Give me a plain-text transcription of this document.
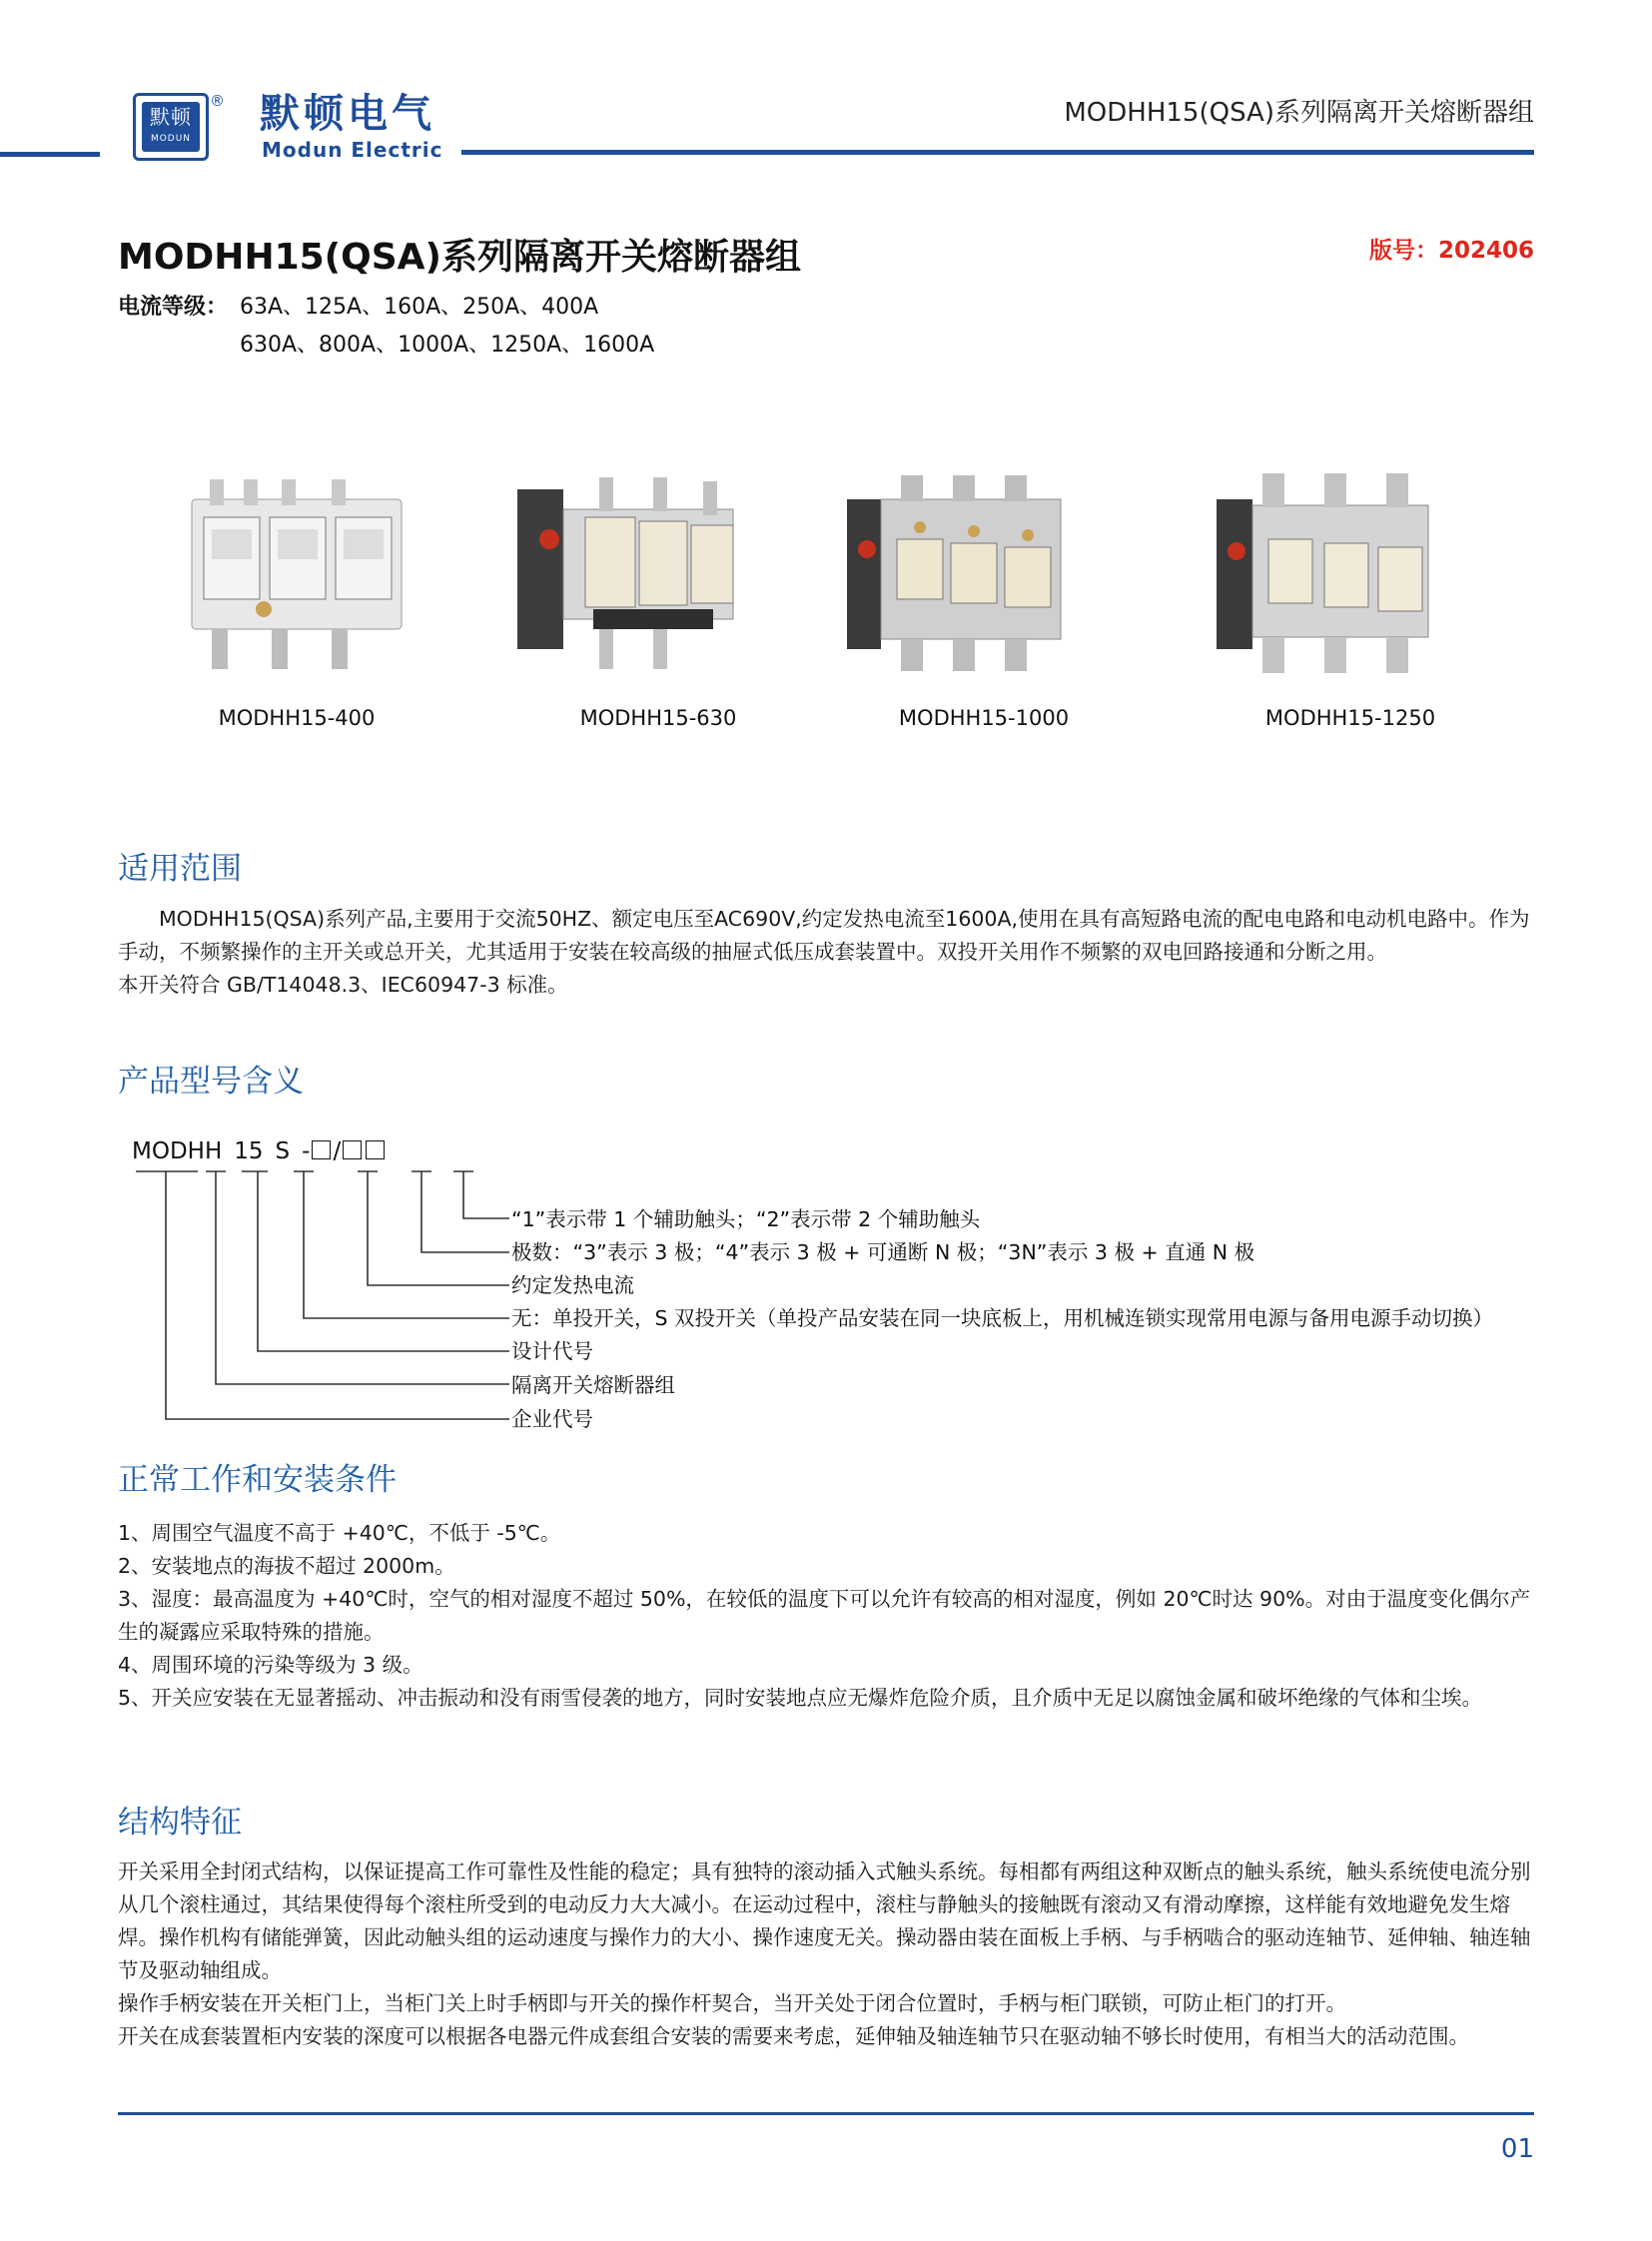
默顿
MODUN
® 默顿电气
Modun Electric
MODHH15(QSA)系列隔离开关熔断器组
MODHH15(QSA)系列隔离开关熔断器组	版号：202406
电流等级： 63A、125A、160A、250A、400A
630A、800A、1000A、1250A、1600A
MODHH15-400	MODHH15-630	MODHH15-1000	MODHH15-1250
适用范围

　　MODHH15(QSA)系列产品,主要用于交流50HZ、额定电压至AC690V,约定发热电流至1600A,使用在具有高短路电流的配电电路和电动机电路中。作为手动，不频繁操作的主开关或总开关，尤其适用于安装在较高级的抽屉式低压成套装置中。双投开关用作不频繁的双电回路接通和分断之用。

本开关符合 GB/T14048.3、IEC60947-3 标准。

产品型号含义
MODHH 15 S - /
“1”表示带 1 个辅助触头；“2”表示带 2 个辅助触头
极数：“3”表示 3 极；“4”表示 3 极 + 可通断 N 极；“3N”表示 3 极 + 直通 N 极
约定发热电流
无：单投开关，S 双投开关（单投产品安装在同一块底板上，用机械连锁实现常用电源与备用电源手动切换）
设计代号
隔离开关熔断器组
企业代号
正常工作和安装条件

1、周围空气温度不高于 +40℃，不低于 -5℃。

2、安装地点的海拔不超过 2000m。

3、湿度：最高温度为 +40℃时，空气的相对湿度不超过 50%，在较低的温度下可以允许有较高的相对湿度，例如 20℃时达 90%。对由于温度变化偶尔产生的凝露应采取特殊的措施。

4、周围环境的污染等级为 3 级。

5、开关应安装在无显著摇动、冲击振动和没有雨雪侵袭的地方，同时安装地点应无爆炸危险介质，且介质中无足以腐蚀金属和破坏绝缘的气体和尘埃。

结构特征

开关采用全封闭式结构，以保证提高工作可靠性及性能的稳定；具有独特的滚动插入式触头系统。每相都有两组这种双断点的触头系统，触头系统使电流分别从几个滚柱通过，其结果使得每个滚柱所受到的电动反力大大减小。在运动过程中，滚柱与静触头的接触既有滚动又有滑动摩擦，这样能有效地避免发生熔焊。操作机构有储能弹簧，因此动触头组的运动速度与操作力的大小、操作速度无关。操动器由装在面板上手柄、与手柄啮合的驱动连轴节、延伸轴、轴连轴节及驱动轴组成。

操作手柄安装在开关柜门上，当柜门关上时手柄即与开关的操作杆契合，当开关处于闭合位置时，手柄与柜门联锁，可防止柜门的打开。

开关在成套装置柜内安装的深度可以根据各电器元件成套组合安装的需要来考虑，延伸轴及轴连轴节只在驱动轴不够长时使用，有相当大的活动范围。

01
